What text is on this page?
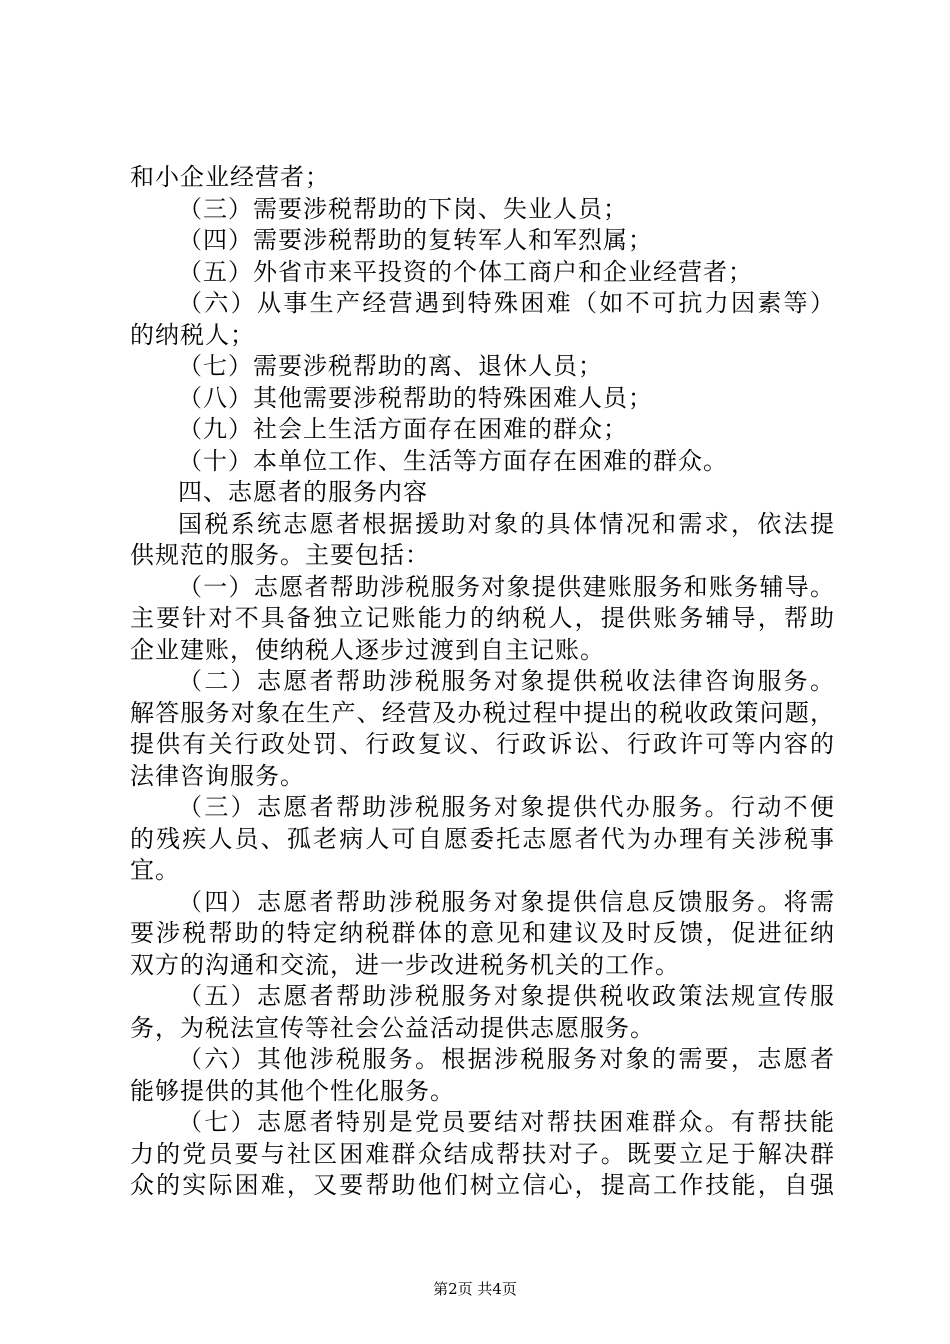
和小企业经营者；
（三）需要涉税帮助的下岗、失业人员；
（四）需要涉税帮助的复转军人和军烈属；
（五）外省市来平投资的个体工商户和企业经营者；
（六）从事生产经营遇到特殊困难（如不可抗力因素等）
的纳税人；
（七）需要涉税帮助的离、退休人员；
（八）其他需要涉税帮助的特殊困难人员；
（九）社会上生活方面存在困难的群众；
（十）本单位工作、生活等方面存在困难的群众。
四、志愿者的服务内容
国税系统志愿者根据援助对象的具体情况和需求，依法提
供规范的服务。主要包括：
（一）志愿者帮助涉税服务对象提供建账服务和账务辅导。
主要针对不具备独立记账能力的纳税人，提供账务辅导，帮助
企业建账，使纳税人逐步过渡到自主记账。
（二）志愿者帮助涉税服务对象提供税收法律咨询服务。
解答服务对象在生产、经营及办税过程中提出的税收政策问题，
提供有关行政处罚、行政复议、行政诉讼、行政许可等内容的
法律咨询服务。
（三）志愿者帮助涉税服务对象提供代办服务。行动不便
的残疾人员、孤老病人可自愿委托志愿者代为办理有关涉税事
宜。
（四）志愿者帮助涉税服务对象提供信息反馈服务。将需
要涉税帮助的特定纳税群体的意见和建议及时反馈，促进征纳
双方的沟通和交流，进一步改进税务机关的工作。
（五）志愿者帮助涉税服务对象提供税收政策法规宣传服
务，为税法宣传等社会公益活动提供志愿服务。
（六）其他涉税服务。根据涉税服务对象的需要，志愿者
能够提供的其他个性化服务。
（七）志愿者特别是党员要结对帮扶困难群众。有帮扶能
力的党员要与社区困难群众结成帮扶对子。既要立足于解决群
众的实际困难，又要帮助他们树立信心，提高工作技能，自强
第2页 共4页
